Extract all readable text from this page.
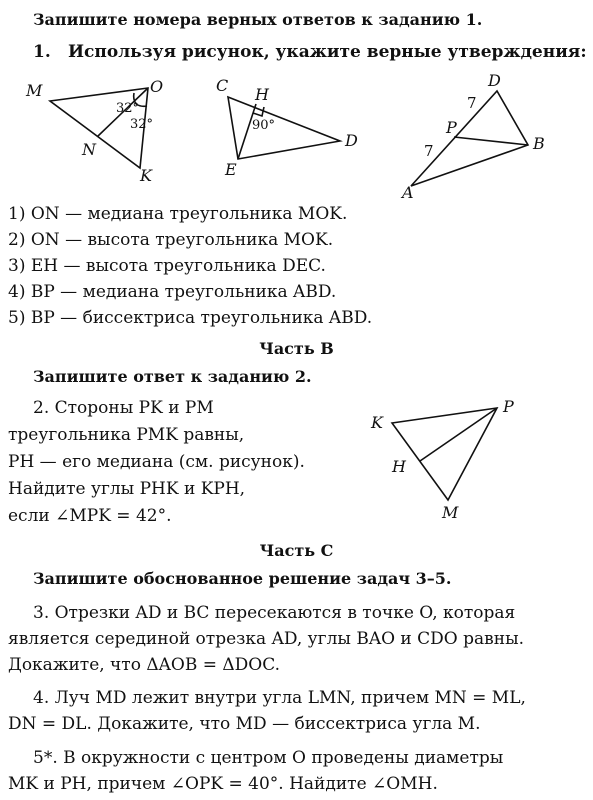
Запишите номера верных ответов к заданию 1.
1. Используя рисунок, укажите верные утверждения:
M	O
N
K
32°
32°
C H
E
D
90°
D
P
B
A
7
7
K
P
H
M
1) ON — медиана треугольника MOK.
2) ON — высота треугольника MOK.
3) EH — высота треугольника DEC.
4) BP — медиана треугольника ABD.
5) BP — биссектриса треугольника ABD.
Часть B
Запишите ответ к заданию 2.
2. Стороны PK и PM
треугольника PMK равны,
PH — его медиана (см. рисунок).
Найдите углы PHK и KPH,
если ∠MPK = 42°.
Часть C
Запишите обоснованное решение задач 3–5.
3. Отрезки AD и BC пересекаются в точке O, которая
является серединой отрезка AD, углы BAO и CDO равны.
Докажите, что ΔAOB = ΔDOC.
4. Луч MD лежит внутри угла LMN, причем MN = ML,
DN = DL. Докажите, что MD — биссектриса угла M.
5*. В окружности с центром O проведены диаметры
MK и PH, причем ∠OPK = 40°. Найдите ∠OMH.
